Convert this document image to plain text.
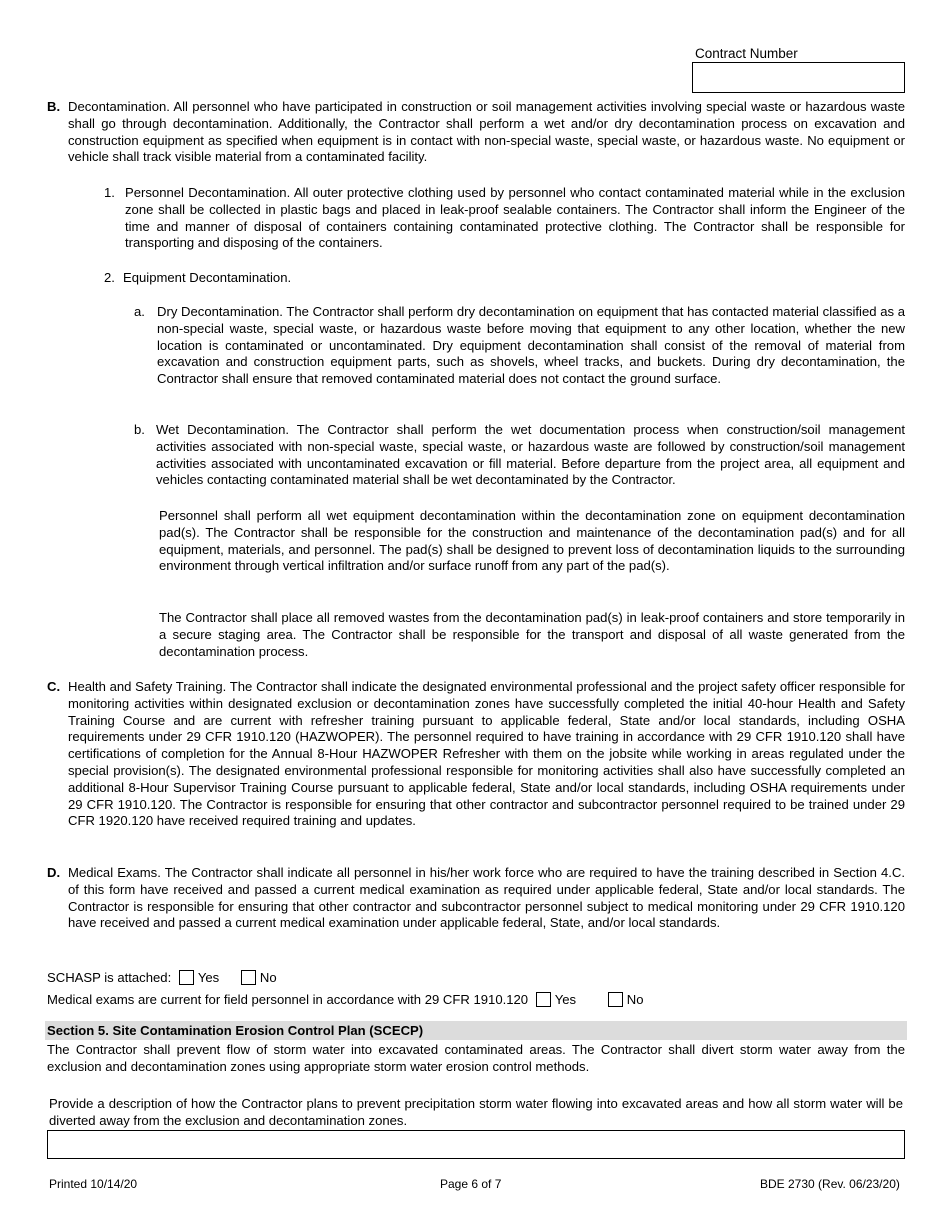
Contract Number
B. Decontamination. All personnel who have participated in construction or soil management activities involving special waste or hazardous waste shall go through decontamination. Additionally, the Contractor shall perform a wet and/or dry decontamination process on excavation and construction equipment as specified when equipment is in contact with non-special waste, special waste, or hazardous waste. No equipment or vehicle shall track visible material from a contaminated facility.

1. Personnel Decontamination. All outer protective clothing used by personnel who contact contaminated material while in the exclusion zone shall be collected in plastic bags and placed in leak-proof sealable containers. The Contractor shall inform the Engineer of the time and manner of disposal of containers containing contaminated protective clothing. The Contractor shall be responsible for transporting and disposing of the containers.

2. Equipment Decontamination.

a. Dry Decontamination. The Contractor shall perform dry decontamination on equipment that has contacted material classified as a non-special waste, special waste, or hazardous waste before moving that equipment to any other location, whether the new location is contaminated or uncontaminated. Dry equipment decontamination shall consist of the removal of material from excavation and construction equipment parts, such as shovels, wheel tracks, and buckets. During dry decontamination, the Contractor shall ensure that removed contaminated material does not contact the ground surface.

b. Wet Decontamination. The Contractor shall perform the wet documentation process when construction/soil management activities associated with non-special waste, special waste, or hazardous waste are followed by construction/soil management activities associated with uncontaminated excavation or fill material. Before departure from the project area, all equipment and vehicles contacting contaminated material shall be wet decontaminated by the Contractor.

Personnel shall perform all wet equipment decontamination within the decontamination zone on equipment decontamination pad(s). The Contractor shall be responsible for the construction and maintenance of the decontamination pad(s) and for all equipment, materials, and personnel. The pad(s) shall be designed to prevent loss of decontamination liquids to the surrounding environment through vertical infiltration and/or surface runoff from any part of the pad(s).

The Contractor shall place all removed wastes from the decontamination pad(s) in leak-proof containers and store temporarily in a secure staging area. The Contractor shall be responsible for the transport and disposal of all waste generated from the decontamination process.

C. Health and Safety Training. The Contractor shall indicate the designated environmental professional and the project safety officer responsible for monitoring activities within designated exclusion or decontamination zones have successfully completed the initial 40-hour Health and Safety Training Course and are current with refresher training pursuant to applicable federal, State and/or local standards, including OSHA requirements under 29 CFR 1910.120 (HAZWOPER). The personnel required to have training in accordance with 29 CFR 1910.120 shall have certifications of completion for the Annual 8-Hour HAZWOPER Refresher with them on the jobsite while working in areas regulated under the special provision(s). The designated environmental professional responsible for monitoring activities shall also have successfully completed an additional 8-Hour Supervisor Training Course pursuant to applicable federal, State and/or local standards, including OSHA requirements under 29 CFR 1910.120. The Contractor is responsible for ensuring that other contractor and subcontractor personnel required to be trained under 29 CFR 1920.120 have received required training and updates.

D. Medical Exams. The Contractor shall indicate all personnel in his/her work force who are required to have the training described in Section 4.C. of this form have received and passed a current medical examination as required under applicable federal, State and/or local standards. The Contractor is responsible for ensuring that other contractor and subcontractor personnel subject to medical monitoring under 29 CFR 1910.120 have received and passed a current medical examination under applicable federal, State, and/or local standards.

SCHASP is attached: Yes	No
Medical exams are current for field personnel in accordance with 29 CFR 1910.120 Yes	No
Section 5. Site Contamination Erosion Control Plan (SCECP)

The Contractor shall prevent flow of storm water into excavated contaminated areas. The Contractor shall divert storm water away from the exclusion and decontamination zones using appropriate storm water erosion control methods.

Provide a description of how the Contractor plans to prevent precipitation storm water flowing into excavated areas and how all storm water will be diverted away from the exclusion and decontamination zones.

Printed 10/14/20	Page 6 of 7	BDE 2730 (Rev. 06/23/20)
